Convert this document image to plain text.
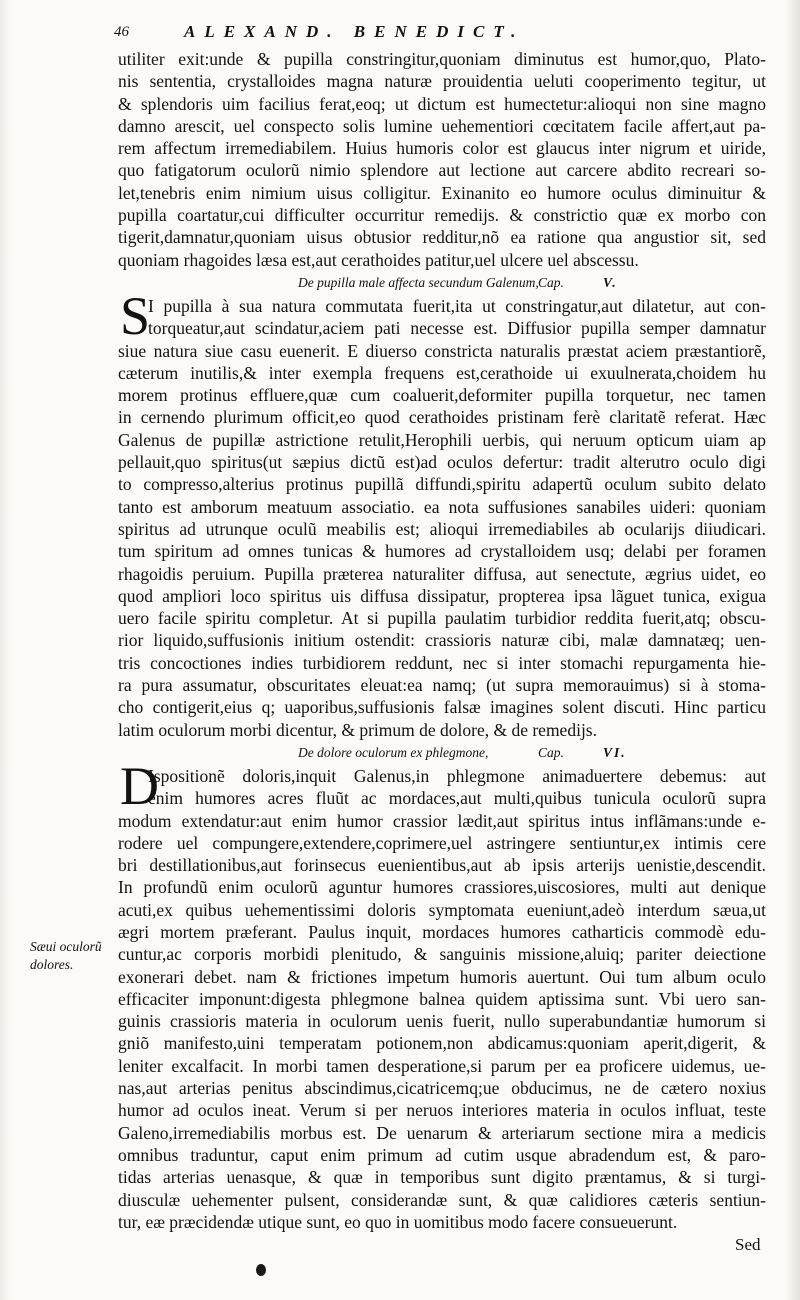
46	ALEXAND. BENEDICT.
utiliter exit:unde & pupilla constringitur,quoniam diminutus est humor,quo, Plato-
nis sententia, crystalloides magna naturæ prouidentia ueluti cooperimento tegitur, ut
& splendoris uim facilius ferat,eoq; ut dictum est humectetur:alioqui non sine magno
damno arescit, uel conspecto solis lumine uehementiori cœcitatem facile affert,aut pa-
rem affectum irremediabilem. Huius humoris color est glaucus inter nigrum et uiride,
quo fatigatorum oculorũ nimio splendore aut lectione aut carcere abdito recreari so-
let,tenebris enim nimium uisus colligitur. Exinanito eo humore oculus diminuitur &
pupilla coartatur,cui difficulter occurritur remedijs. & constrictio quæ ex morbo con
tigerit,damnatur,quoniam uisus obtusior redditur,nõ ea ratione qua angustior sit, sed
quoniam rhagoides læsa est,aut cerathoides patitur,uel ulcere uel abscessu.
De pupilla male affecta secundum Galenum, Cap.	V.
S
I pupilla à sua natura commutata fuerit,ita ut constringatur,aut dilatetur, aut con-
torqueatur,aut scindatur,aciem pati necesse est. Diffusior pupilla semper damnatur
siue natura siue casu euenerit. E diuerso constricta naturalis præstat aciem præstantiorẽ,
cæterum inutilis,& inter exempla frequens est,cerathoide ui exuulnerata,choidem hu
morem protinus effluere,quæ cum coaluerit,deformiter pupilla torquetur, nec tamen
in cernendo plurimum officit,eo quod cerathoides pristinam ferè claritatẽ referat. Hæc
Galenus de pupillæ astrictione retulit,Herophili uerbis, qui neruum opticum uiam ap
pellauit,quo spiritus(ut sæpius dictũ est)ad oculos defertur: tradit alterutro oculo digi
to compresso,alterius protinus pupillã diffundi,spiritu adapertũ oculum subito delato
tanto est amborum meatuum associatio. ea nota suffusiones sanabiles uideri: quoniam
spiritus ad utrunque oculũ meabilis est; alioqui irremediabiles ab ocularijs diiudicari.
tum spiritum ad omnes tunicas & humores ad crystalloidem usq; delabi per foramen
rhagoidis peruium. Pupilla præterea naturaliter diffusa, aut senectute, ægrius uidet, eo
quod ampliori loco spiritus uis diffusa dissipatur, propterea ipsa lãguet tunica, exigua
uero facile spiritu completur. At si pupilla paulatim turbidior reddita fuerit,atq; obscu-
rior liquido,suffusionis initium ostendit: crassioris naturæ cibi, malæ damnatæq; uen-
tris concoctiones indies turbidiorem reddunt, nec si inter stomachi repurgamenta hie-
ra pura assumatur, obscuritates eleuat:ea namq; (ut supra memorauimus) si à stoma-
cho contigerit,eius q; uaporibus,suffusionis falsæ imagines solent discuti. Hinc particu
latim oculorum morbi dicentur, & primum de dolore, & de remedijs.
De dolore oculorum ex phlegmone,	Cap.	VI.
D
Ispositionẽ doloris,inquit Galenus,in phlegmone animaduertere debemus: aut
enim humores acres fluũt ac mordaces,aut multi,quibus tunicula oculorũ supra
modum extendatur:aut enim humor crassior lædit,aut spiritus intus inflãmans:unde e-
rodere uel compungere,extendere,coprimere,uel astringere sentiuntur,ex intimis cere
bri destillationibus,aut forinsecus euenientibus,aut ab ipsis arterijs uenistie,descendit.
In profundũ enim oculorũ aguntur humores crassiores,uiscosiores, multi aut denique
acuti,ex quibus uehementissimi doloris symptomata eueniunt,adeò interdum sæua,ut
ægri mortem præferant. Paulus inquit, mordaces humores catharticis commodè edu-
cuntur,ac corporis morbidi plenitudo, & sanguinis missione,aluiq; pariter deiectione
exonerari debet. nam & frictiones impetum humoris auertunt. Oui tum album oculo
efficaciter imponunt:digesta phlegmone balnea quidem aptissima sunt. Vbi uero san-
guinis crassioris materia in oculorum uenis fuerit, nullo superabundantiæ humorum si
gniõ manifesto,uini temperatam potionem,non abdicamus:quoniam aperit,digerit, &
leniter excalfacit. In morbi tamen desperatione,si parum per ea proficere uidemus, ue-
nas,aut arterias penitus abscindimus,cicatricemq;ue obducimus, ne de cætero noxius
humor ad oculos ineat. Verum si per neruos interiores materia in oculos influat, teste
Galeno,irremediabilis morbus est. De uenarum & arteriarum sectione mira a medicis
omnibus traduntur, caput enim primum ad cutim usque abradendum est, & paro-
tidas arterias uenasque, & quæ in temporibus sunt digito præntamus, & si turgi-
diusculæ uehementer pulsent, considerandæ sunt, & quæ calidiores cæteris sentiun-
tur, eæ præcidendæ utique sunt, eo quo in uomitibus modo facere consueuerunt.
Sæui oculorũ dolores.
Sed
